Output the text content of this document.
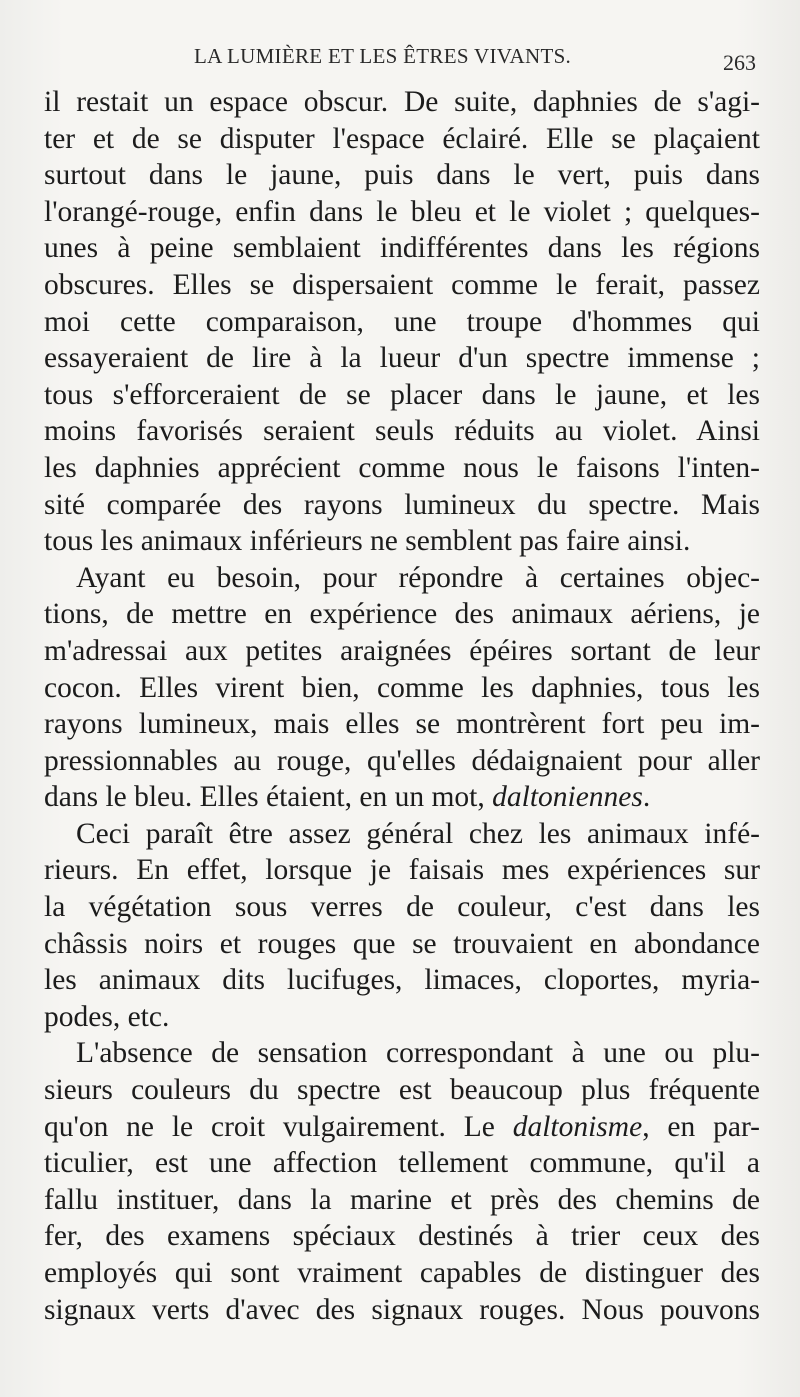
LA LUMIÈRE ET LES ÊTRES VIVANTS.	263
il restait un espace obscur. De suite, daphnies de s'agi-
ter et de se disputer l'espace éclairé. Elle se plaçaient
surtout dans le jaune, puis dans le vert, puis dans
l'orangé-rouge, enfin dans le bleu et le violet ; quelques-
unes à peine semblaient indifférentes dans les régions
obscures. Elles se dispersaient comme le ferait, passez
moi cette comparaison, une troupe d'hommes qui
essayeraient de lire à la lueur d'un spectre immense ;
tous s'efforceraient de se placer dans le jaune, et les
moins favorisés seraient seuls réduits au violet. Ainsi
les daphnies apprécient comme nous le faisons l'inten-
sité comparée des rayons lumineux du spectre. Mais
tous les animaux inférieurs ne semblent pas faire ainsi.
Ayant eu besoin, pour répondre à certaines objec-
tions, de mettre en expérience des animaux aériens, je
m'adressai aux petites araignées épéires sortant de leur
cocon. Elles virent bien, comme les daphnies, tous les
rayons lumineux, mais elles se montrèrent fort peu im-
pressionnables au rouge, qu'elles dédaignaient pour aller
dans le bleu. Elles étaient, en un mot, daltoniennes.
Ceci paraît être assez général chez les animaux infé-
rieurs. En effet, lorsque je faisais mes expériences sur
la végétation sous verres de couleur, c'est dans les
châssis noirs et rouges que se trouvaient en abondance
les animaux dits lucifuges, limaces, cloportes, myria-
podes, etc.
L'absence de sensation correspondant à une ou plu-
sieurs couleurs du spectre est beaucoup plus fréquente
qu'on ne le croit vulgairement. Le daltonisme, en par-
ticulier, est une affection tellement commune, qu'il a
fallu instituer, dans la marine et près des chemins de
fer, des examens spéciaux destinés à trier ceux des
employés qui sont vraiment capables de distinguer des
signaux verts d'avec des signaux rouges. Nous pouvons
